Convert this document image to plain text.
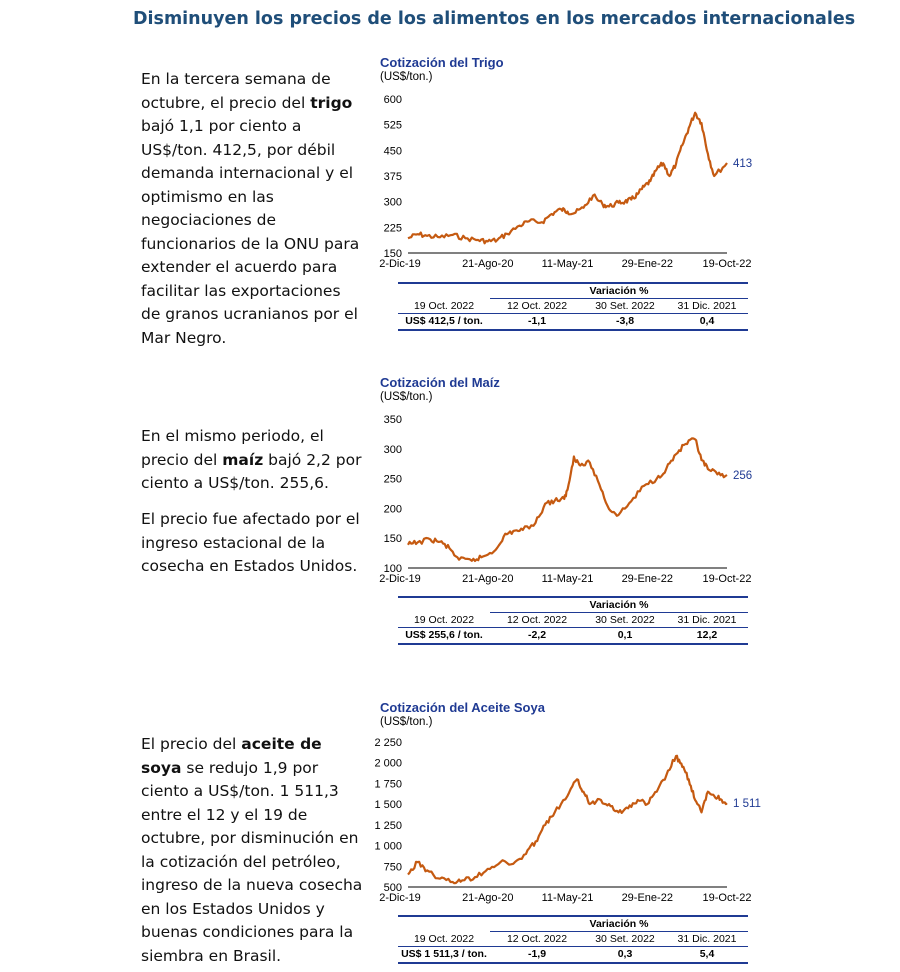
Disminuyen los precios de los alimentos en los mercados internacionales

En la tercera semana de octubre, el precio del trigo bajó 1,1 por ciento a US$/ton. 412,5, por débil demanda internacional y el optimismo en las negociaciones de funcionarios de la ONU para extender el acuerdo para facilitar las exportaciones de granos ucranianos por el Mar Negro.

En el mismo periodo, el precio del maíz bajó 2,2 por ciento a US$/ton. 255,6.

El precio fue afectado por el ingreso estacional de la cosecha en Estados Unidos.

El precio del aceite de soya se redujo 1,9 por ciento a US$/ton. 1 511,3 entre el 12 y el 19 de octubre, por disminución en la cotización del petróleo, ingreso de la nueva cosecha en los Estados Unidos y buenas condiciones para la siembra en Brasil.

Cotización del Trigo
(US$/ton.)
600
525
450
375
300
225
150
2-Dic-19	21-Ago-20	11-May-21	29-Ene-22	19-Oct-22
413
Variación %
19 Oct. 2022	12 Oct. 2022	30 Set. 2022	31 Dic. 2021
US$ 412,5 / ton.	-1,1	-3,8	0,4
Cotización del Maíz
(US$/ton.)
350
300
250
200
150
100
2-Dic-19	21-Ago-20	11-May-21	29-Ene-22	19-Oct-22
256
Variación %
19 Oct. 2022	12 Oct. 2022	30 Set. 2022	31 Dic. 2021
US$ 255,6 / ton.	-2,2	0,1	12,2
Cotización del Aceite Soya
(US$/ton.)
2 250
2 000
1 750
1 500
1 250
1 000
750
500
2-Dic-19	21-Ago-20	11-May-21	29-Ene-22	19-Oct-22
1 511
Variación %
19 Oct. 2022	12 Oct. 2022	30 Set. 2022	31 Dic. 2021
US$ 1 511,3 / ton.	-1,9	0,3	5,4
